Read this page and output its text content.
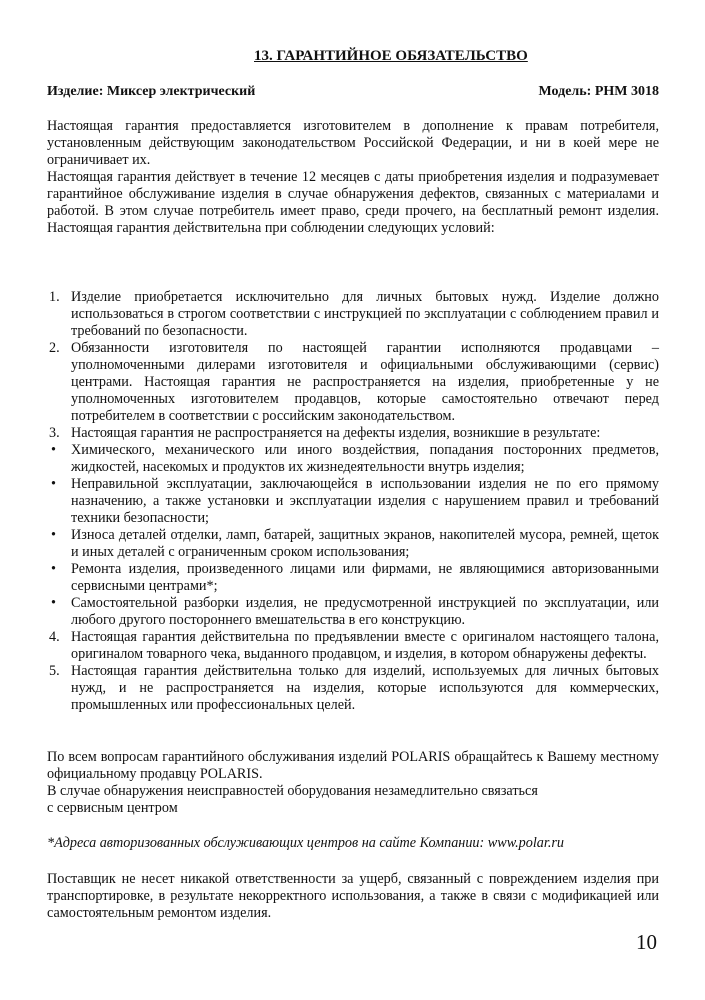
13. ГАРАНТИЙНОЕ ОБЯЗАТЕЛЬСТВО
Изделие: Миксер электрический	Модель: PHM 3018

Настоящая гарантия предоставляется изготовителем в дополнение к правам потребителя, установленным действующим законодательством Российской Федерации, и ни в коей мере не ограничивает их.

Настоящая гарантия действует в течение 12 месяцев с даты приобретения изделия и подразумевает гарантийное обслуживание изделия в случае обнаружения дефектов, связанных с материалами и работой. В этом случае потребитель имеет право, среди прочего, на бесплатный ремонт изделия. Настоящая гарантия действительна при соблюдении следующих условий:

1. Изделие приобретается исключительно для личных бытовых нужд. Изделие должно использоваться в строгом соответствии с инструкцией по эксплуатации с соблюдением правил и требований по безопасности.
2. Обязанности изготовителя по настоящей гарантии исполняются продавцами – уполномоченными дилерами изготовителя и официальными обслуживающими (сервис) центрами. Настоящая гарантия не распространяется на изделия, приобретенные у не уполномоченных изготовителем продавцов, которые самостоятельно отвечают перед потребителем в соответствии с российским законодательством.
3. Настоящая гарантия не распространяется на дефекты изделия, возникшие в результате:
• Химического, механического или иного воздействия, попадания посторонних предметов, жидкостей, насекомых и продуктов их жизнедеятельности внутрь изделия;
• Неправильной эксплуатации, заключающейся в использовании изделия не по его прямому назначению, а также установки и эксплуатации изделия с нарушением правил и требований техники безопасности;
• Износа деталей отделки, ламп, батарей, защитных экранов, накопителей мусора, ремней, щеток и иных деталей с ограниченным сроком использования;
• Ремонта изделия, произведенного лицами или фирмами, не являющимися авторизованными сервисными центрами*;
• Самостоятельной разборки изделия, не предусмотренной инструкцией по эксплуатации, или любого другого постороннего вмешательства в его конструкцию.
4. Настоящая гарантия действительна по предъявлении вместе с оригиналом настоящего талона, оригиналом товарного чека, выданного продавцом, и изделия, в котором обнаружены дефекты.
5. Настоящая гарантия действительна только для изделий, используемых для личных бытовых нужд, и не распространяется на изделия, которые используются для коммерческих, промышленных или профессиональных целей.

По всем вопросам гарантийного обслуживания изделий POLARIS обращайтесь к Вашему местному официальному продавцу POLARIS.

В случае обнаружения неисправностей оборудования незамедлительно связаться

с сервисным центром

*Адреса авторизованных обслуживающих центров на сайте Компании: www.polar.ru
Поставщик не несет никакой ответственности за ущерб, связанный с повреждением изделия при транспортировке, в результате некорректного использования, а также в связи с модификацией или самостоятельным ремонтом изделия.
10
